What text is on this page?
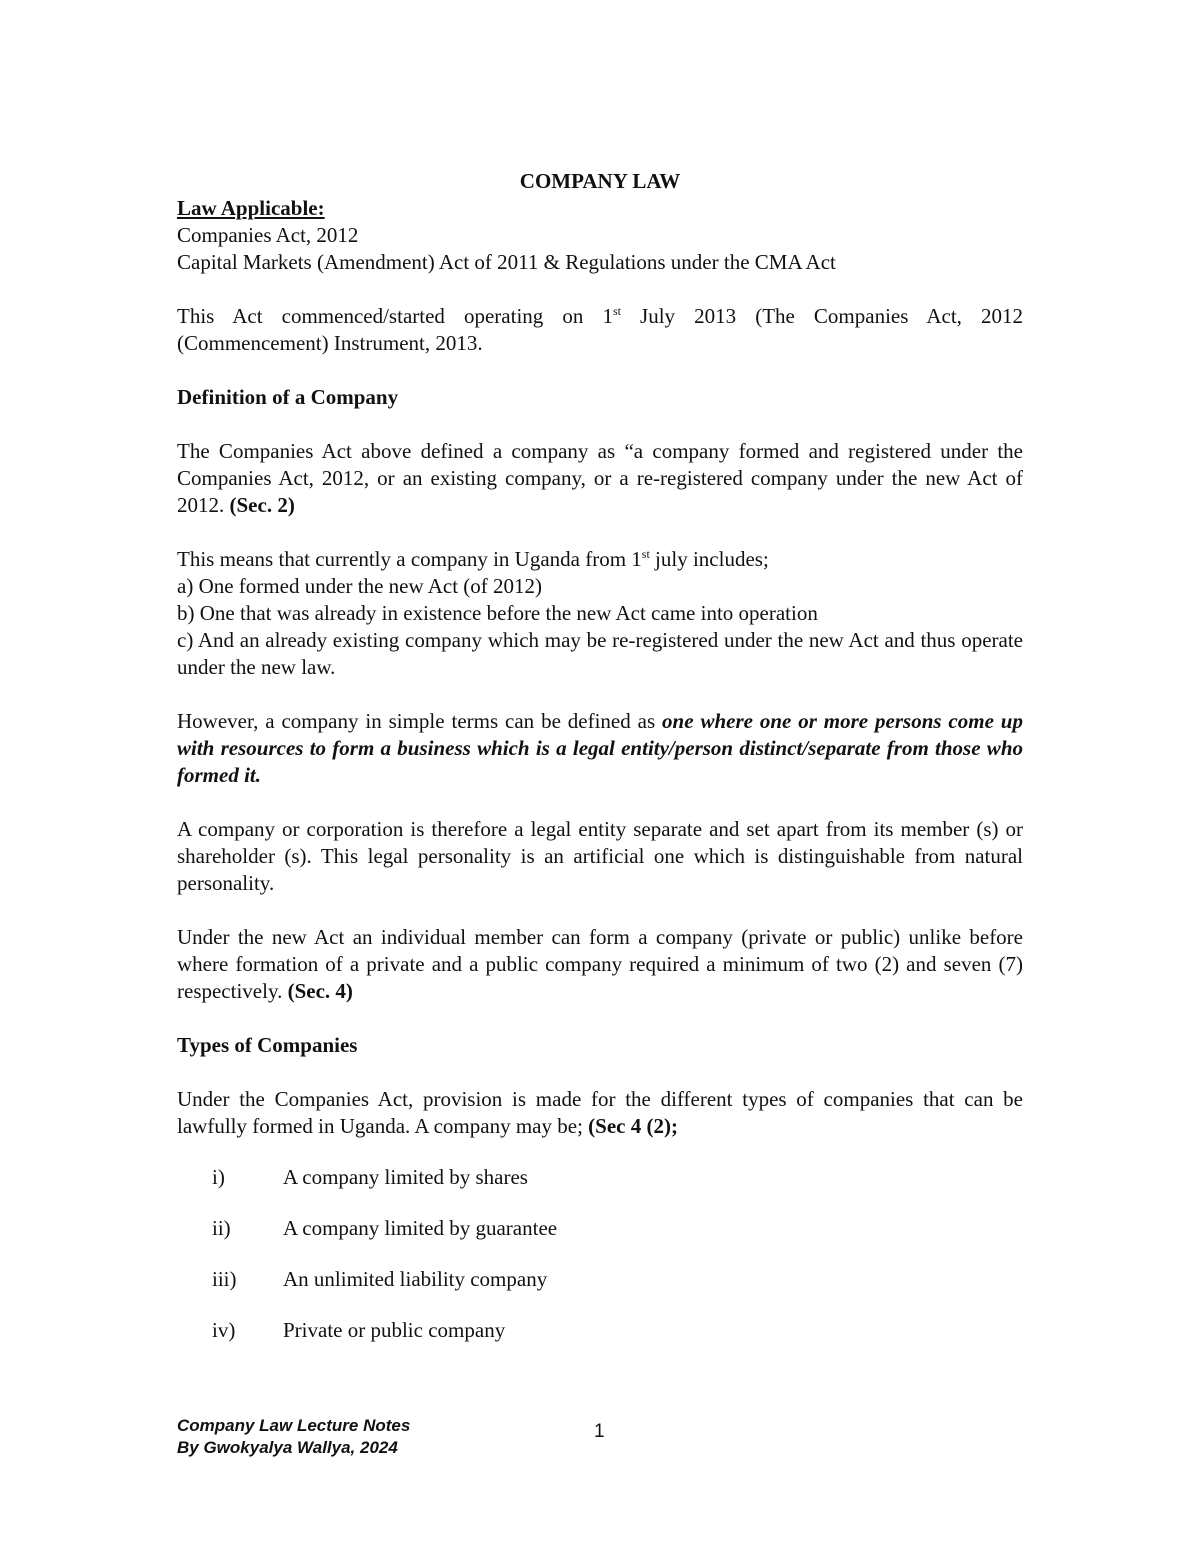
COMPANY LAW

Law Applicable:

Companies Act, 2012

Capital Markets (Amendment) Act of 2011 & Regulations under the CMA Act

This Act commenced/started operating on 1st July 2013 (The Companies Act, 2012 (Commencement) Instrument, 2013.

Definition of a Company

The Companies Act above defined a company as “a company formed and registered under the Companies Act, 2012, or an existing company, or a re-registered company under the new Act of 2012. (Sec. 2)

This means that currently a company in Uganda from 1st july includes;

a) One formed under the new Act (of 2012)

b) One that was already in existence before the new Act came into operation

c) And an already existing company which may be re-registered under the new Act and thus operate under the new law.

However, a company in simple terms can be defined as one where one or more persons come up with resources to form a business which is a legal entity/person distinct/separate from those who formed it.

A company or corporation is therefore a legal entity separate and set apart from its member (s) or shareholder (s). This legal personality is an artificial one which is distinguishable from natural personality.

Under the new Act an individual member can form a company (private or public) unlike before where formation of a private and a public company required a minimum of two (2) and seven (7) respectively. (Sec. 4)

Types of Companies

Under the Companies Act, provision is made for the different types of companies that can be lawfully formed in Uganda. A company may be; (Sec 4 (2);

i)	A company limited by shares
ii)	A company limited by guarantee
iii)	An unlimited liability company
iv)	Private or public company
Company Law Lecture Notes
By Gwokyalya Wallya, 2024
1
